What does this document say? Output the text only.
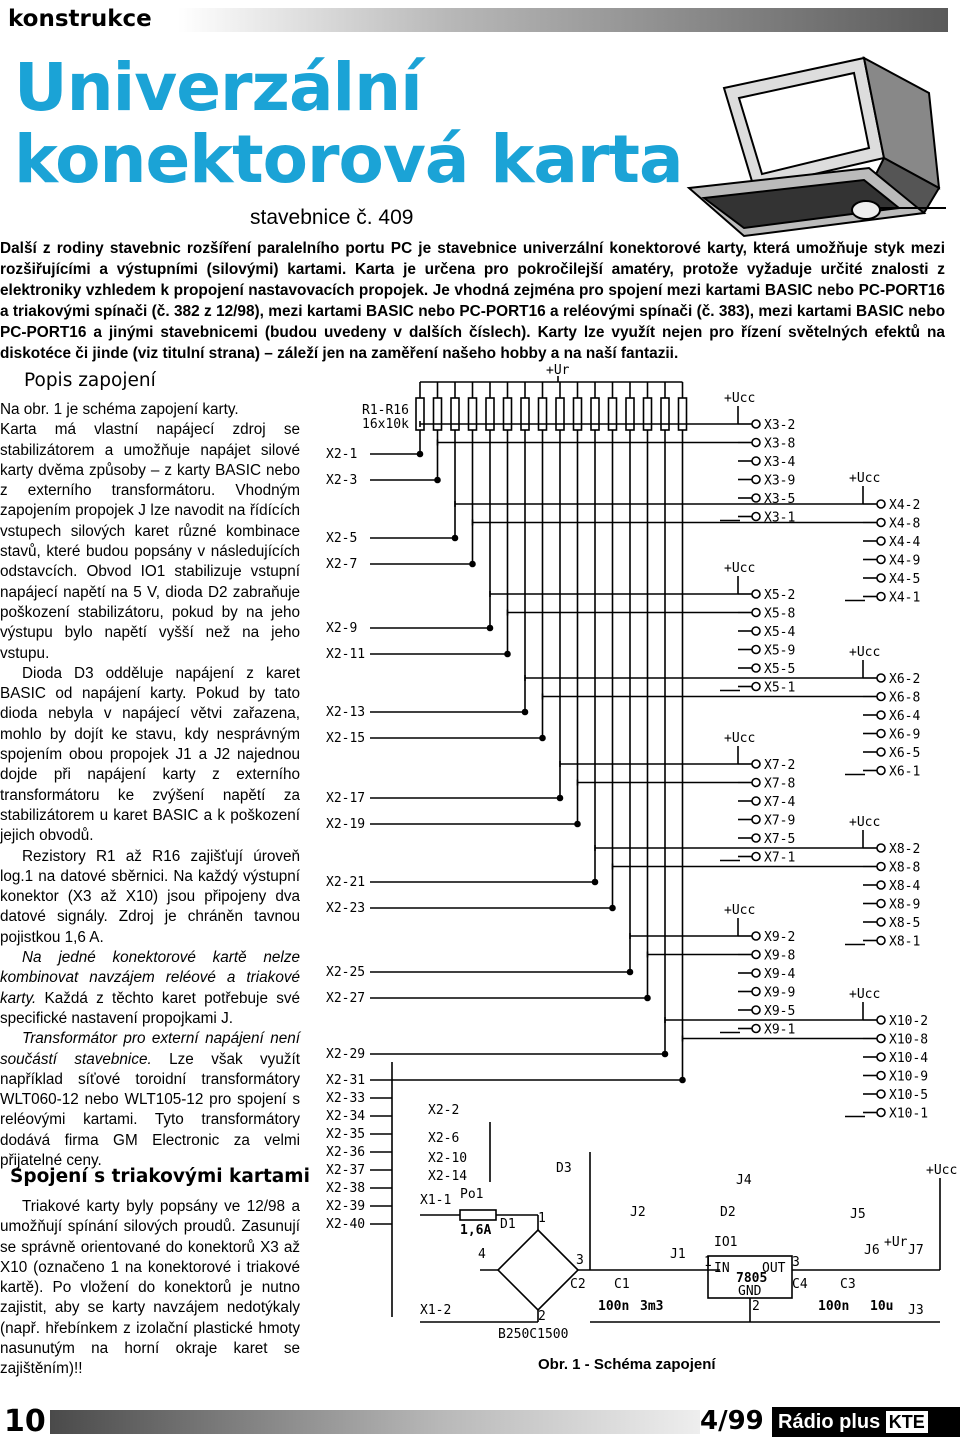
konstrukce
Univerzální
konektorová karta
stavebnice č. 409
Další z rodiny stavebnic rozšíření paralelního portu PC je stavebnice univerzální konektorové karty, která umožňuje styk mezi rozšiřujícími a výstupními (silovými) kartami. Karta je určena pro pokročilejší amatéry, protože vyžaduje určité znalosti z elektroniky vzhledem k propojení nastavovacích propojek. Je vhodná zejména pro spojení mezi kartami BASIC nebo PC-PORT16 a triakovými spínači (č. 382 z 12/98), mezi kartami BASIC nebo PC-PORT16 a reléovými spínači (č. 383), mezi kartami BASIC nebo PC-PORT16 a jinými stavebnicemi (budou uvedeny v dalších číslech). Karty lze využít nejen pro řízení světelných efektů na diskotéce či jinde (viz titulní strana) – záleží jen na zaměření našeho hobby a na naší fantazii.
Popis zapojení

Na obr. 1 je schéma zapojení karty.

Karta má vlastní napájecí zdroj se stabilizátorem a umožňuje napájet silové karty dvěma způsoby – z karty BASIC nebo z externího transformátoru. Vhodným zapojením propojek J lze navodit na řídících vstupech silových karet různé kombinace stavů, které budou popsány v následujících odstavcích. Obvod IO1 stabilizuje vstupní napájecí napětí na 5 V, dioda D2 zabraňuje poškození stabilizátoru, pokud by na jeho výstupu bylo napětí vyšší než na jeho vstupu.

Dioda D3 odděluje napájení z karet BASIC od napájení karty. Pokud by tato dioda nebyla v napájecí větvi zařazena, mohlo by dojít ke stavu, kdy nesprávným spojením obou propojek J1 a J2 najednou dojde při napájení karty z externího transformátoru ke zvýšení napětí za stabilizátorem u karet BASIC a k poškození jejich obvodů.

Rezistory R1 až R16 zajišťují úroveň log.1 na datové sběrnici. Na každý výstupní konektor (X3 až X10) jsou připojeny dva datové signály. Zdroj je chráněn tavnou pojistkou 1,6 A.

Na jedné konektorové kartě nelze kombinovat navzájem reléové a triakové karty. Každá z těchto karet potřebuje své specifické nastavení propojkami J.

Transformátor pro externí napájení není součástí stavebnice. Lze však využít například síťové toroidní transformátory WLT060-12 nebo WLT105-12 pro spojení s reléovými kartami. Tyto transformátory dodává firma GM Electronic za velmi přijatelné ceny.

Spojení s triakovými kartami

Triakové karty byly popsány ve 12/98 a umožňují spínání silových proudů. Zasunují se správně orientované do konektorů X3 až X10 (označeno 1 na konektorové i triakové kartě). Po vložení do konektorů je nutno zajistit, aby se karty navzájem nedotýkaly (např. hřebínkem z izolační plastické hmoty nasunutým na horní okraje karet se zajištěním)!!

+Ur
R1-R16
16x10k
X2-1
X2-3
X2-5
X2-7
X2-9
X2-11
X2-13
X2-15
X2-17
X2-19
X2-21
X2-23
X2-25
X2-27
X2-29
X2-31
X2-33
X2-34
X2-35
X2-36
X2-37
X2-38
X2-39
X2-40
+Ucc
X3-2
X3-8
X3-4
X3-9
X3-5
X3-1
+Ucc
X4-2
X4-8
X4-4
X4-9
X4-5
X4-1
+Ucc
X5-2
X5-8
X5-4
X5-9
X5-5
X5-1
+Ucc
X6-2
X6-8
X6-4
X6-9
X6-5
X6-1
+Ucc
X7-2
X7-8
X7-4
X7-9
X7-5
X7-1
+Ucc
X8-2
X8-8
X8-4
X8-9
X8-5
X8-1
+Ucc
X9-2
X9-8
X9-4
X9-9
X9-5
X9-1
+Ucc
X10-2
X10-8
X10-4
X10-9
X10-5
X10-1
X2-2
X2-6
X2-10
X2-14
D3
X1-1
X1-2
Po1
1,6A D1 1
4
2
3
B250C1500
C2 C1
100n 3m3
J1
J2
J4
J5
J6 J7
J3
D2
IO1
IN OUT
7805
GND
1	3
2
C4 C3
100n 10u
+Ucc
+Ur
Obr. 1 - Schéma zapojení
10	4/99 Rádio plus KTE
